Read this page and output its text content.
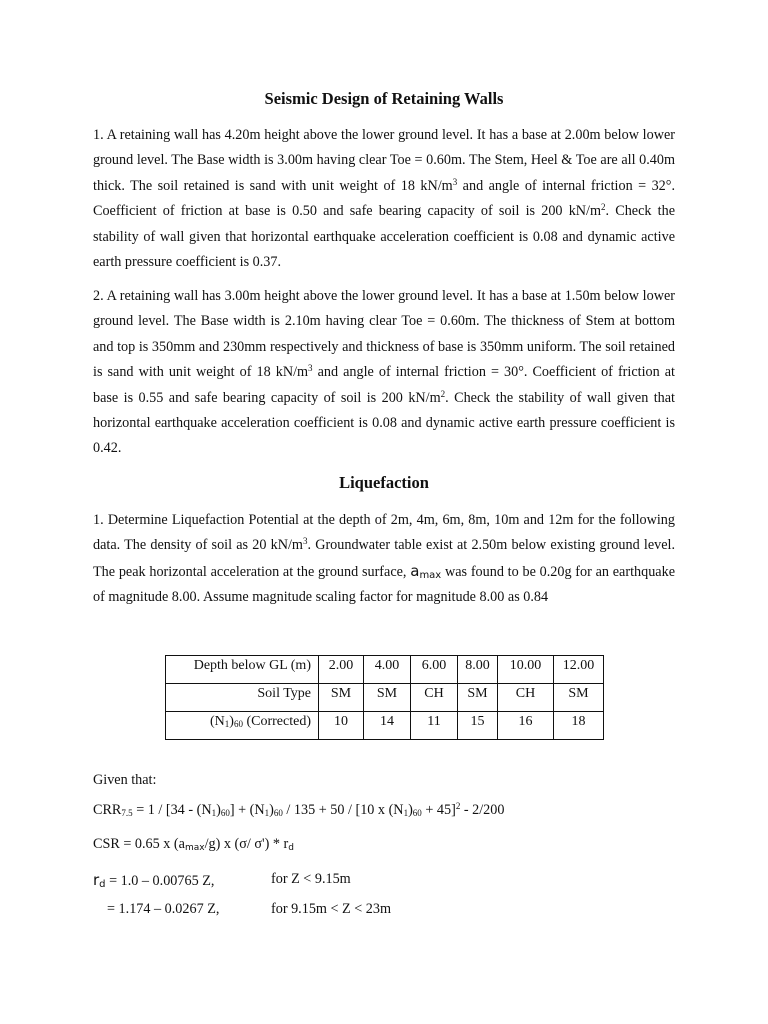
Seismic Design of Retaining Walls

1. A retaining wall has 4.20m height above the lower ground level. It has a base at 2.00m below lower ground level. The Base width is 3.00m having clear Toe = 0.60m. The Stem, Heel & Toe are all 0.40m thick. The soil retained is sand with unit weight of 18 $kN/m^3$ and angle of internal friction = 32°. Coefficient of friction at base is 0.50 and safe bearing capacity of soil is 200 $kN/m^2$. Check the stability of wall given that horizontal earthquake acceleration coefficient is 0.08 and dynamic active earth pressure coefficient is 0.37.

2. A retaining wall has 3.00m height above the lower ground level. It has a base at 1.50m below lower ground level. The Base width is 2.10m having clear Toe = 0.60m. The thickness of Stem at bottom and top is 350mm and 230mm respectively and thickness of base is 350mm uniform. The soil retained is sand with unit weight of 18 $kN/m^3$ and angle of internal friction = 30°. Coefficient of friction at base is 0.55 and safe bearing capacity of soil is 200 $kN/m^2$. Check the stability of wall given that horizontal earthquake acceleration coefficient is 0.08 and dynamic active earth pressure coefficient is 0.42.

Liquefaction

1. Determine Liquefaction Potential at the depth of 2m, 4m, 6m, 8m, 10m and 12m for the following data. The density of soil as 20 $kN/m^3$. Groundwater table exist at 2.50m below existing ground level. The peak horizontal acceleration at the ground surface, $a_{max}$ was found to be 0.20g for an earthquake of magnitude 8.00. Assume magnitude scaling factor for magnitude 8.00 as 0.84

Depth below GL (m)	2.00	4.00	6.00	8.00	10.00	12.00
Soil Type	SM	SM	CH	SM	CH	SM
$(N_1)_{60}$ (Corrected)	10	14	11	15	16	18

Given that:

$CRR_{7.5} = 1 / [34 - (N_1)_{60}] + (N_1)_{60} / 135 + 50 / [10$ x $(N_1)_{60} + 45]^2 - 2/200$

CSR = 0.65 x $(a_{max}/g)$ x (σ/ $\sigma') * r_d$

$r_d = 1.0 - 0.00765$ Z,	for Z < 9.15m

= 1.174 – 0.0267 Z,	for 9.15m < Z < 23m
